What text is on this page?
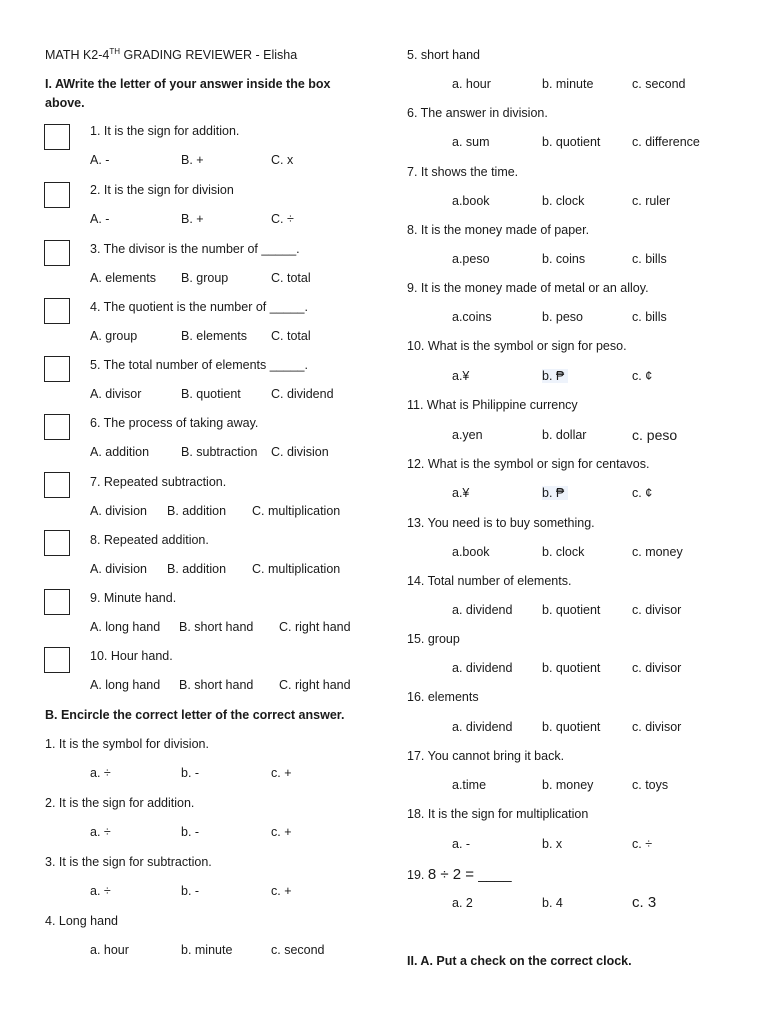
MATH K2-4TH GRADING REVIEWER - Elisha
I. AWrite the letter of your answer inside the box
above.
1. It is the sign for addition.
A. -	B. +	C. x
2. It is the sign for division
A. -	B. +	C. ÷
3. The divisor is the number of _____.
A. elements B. group	C. total
4. The quotient is the number of _____.
A. group	B. elements C. total
5. The total number of elements _____.
A. divisor	B. quotient C. dividend
6. The process of taking away.
A. addition	B. subtraction C. division
7. Repeated subtraction.
A. division B. addition C. multiplication
8. Repeated addition.
A. division B. addition C. multiplication
9. Minute hand.
A. long hand B. short hand C. right hand
10. Hour hand.
A. long hand B. short hand C. right hand
B. Encircle the correct letter of the correct answer.
1. It is the symbol for division.
a. ÷	b. -	c. +
2. It is the sign for addition.
a. ÷	b. -	c. +
3. It is the sign for subtraction.
a. ÷	b. -	c. +
4. Long hand
a. hour	b. minute	c. second
5. short hand
a. hour	b. minute	c. second
6. The answer in division.
a. sum	b. quotient	c. difference
7. It shows the time.
a.book	b. clock	c. ruler
8. It is the money made of paper.
a.peso	b. coins	c. bills
9. It is the money made of metal or an alloy.
a.coins	b. peso	c. bills
10. What is the symbol or sign for peso.
a.¥	b. ₱	c. ¢
11. What is Philippine currency
a.yen	b. dollar	c. peso
12. What is the symbol or sign for centavos.
a.¥	b. ₱	c. ¢
13. You need is to buy something.
a.book	b. clock	c. money
14. Total number of elements.
a. dividend b. quotient	c. divisor
15. group
a. dividend b. quotient	c. divisor
16. elements
a. dividend b. quotient	c. divisor
17. You cannot bring it back.
a.time	b. money	c. toys
18. It is the sign for multiplication
a. -	b. x	c. ÷
19. 8 ÷ 2 = ____
a. 2	b. 4	c. 3
II. A. Put a check on the correct clock.
